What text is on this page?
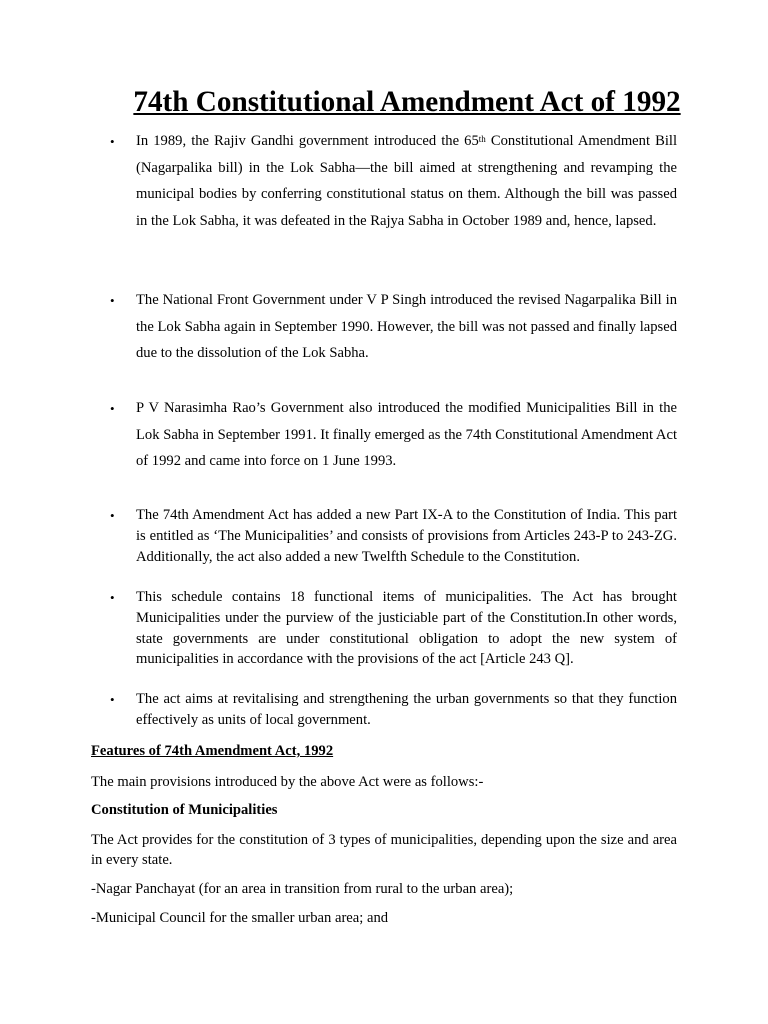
74th Constitutional Amendment Act of 1992
•	In 1989, the Rajiv Gandhi government introduced the 65th Constitutional Amendment Bill (Nagarpalika bill) in the Lok Sabha—the bill aimed at strengthening and revamping the municipal bodies by conferring constitutional status on them. Although the bill was passed in the Lok Sabha, it was defeated in the Rajya Sabha in October 1989 and, hence, lapsed.

•	The National Front Government under V P Singh introduced the revised Nagarpalika Bill in the Lok Sabha again in September 1990. However, the bill was not passed and finally lapsed due to the dissolution of the Lok Sabha.

•	P V Narasimha Rao’s Government also introduced the modified Municipalities Bill in the Lok Sabha in September 1991. It finally emerged as the 74th Constitutional Amendment Act of 1992 and came into force on 1 June 1993.

•	The 74th Amendment Act has added a new Part IX-A to the Constitution of India. This part is entitled as ‘The Municipalities’ and consists of provisions from Articles 243-P to 243-ZG. Additionally, the act also added a new Twelfth Schedule to the Constitution.

•	This schedule contains 18 functional items of municipalities. The Act has brought Municipalities under the purview of the justiciable part of the Constitution.In other words, state governments are under constitutional obligation to adopt the new system of municipalities in accordance with the provisions of the act [Article 243 Q].

•	The act aims at revitalising and strengthening the urban governments so that they function effectively as units of local government.

Features of 74th Amendment Act, 1992

The main provisions introduced by the above Act were as follows:-

Constitution of Municipalities

The Act provides for the constitution of 3 types of municipalities, depending upon the size and area in every state.

-Nagar Panchayat (for an area in transition from rural to the urban area);

-Municipal Council for the smaller urban area; and
